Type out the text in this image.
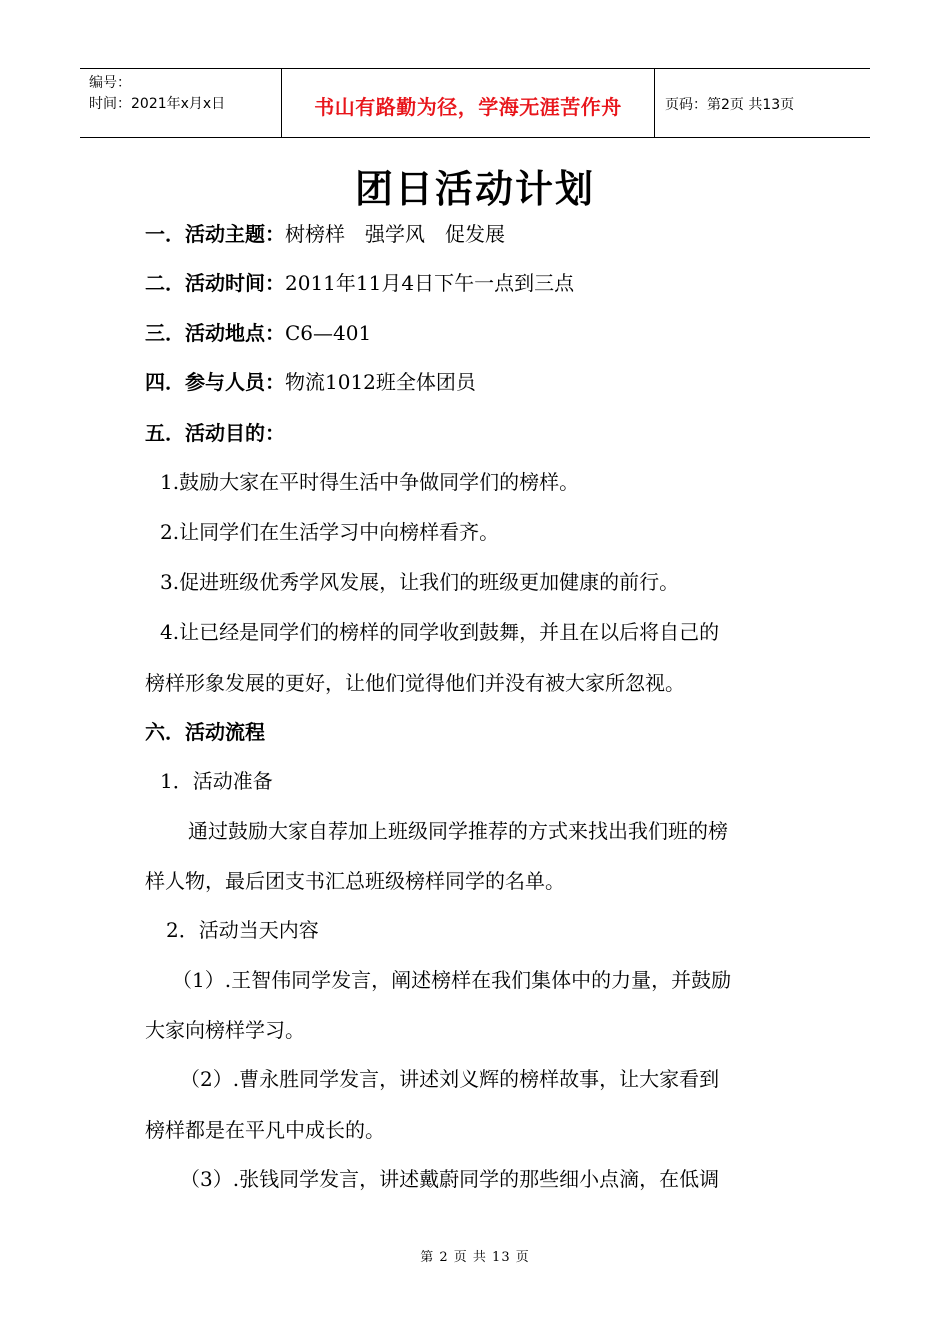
编号：
时间：2021年x月x日	书山有路勤为径，学海无涯苦作舟	页码：第2页 共13页
团日活动计划
一．活动主题：树榜样　强学风　促发展
二．活动时间：2011年11月4日下午一点到三点
三．活动地点：C6—401
四．参与人员：物流1012班全体团员
五．活动目的：
1.鼓励大家在平时得生活中争做同学们的榜样。
2.让同学们在生活学习中向榜样看齐。
3.促进班级优秀学风发展，让我们的班级更加健康的前行。
4.让已经是同学们的榜样的同学收到鼓舞，并且在以后将自己的
榜样形象发展的更好，让他们觉得他们并没有被大家所忽视。
六．活动流程
1．活动准备
通过鼓励大家自荐加上班级同学推荐的方式来找出我们班的榜
样人物，最后团支书汇总班级榜样同学的名单。
2．活动当天内容
（1）.王智伟同学发言，阐述榜样在我们集体中的力量，并鼓励
大家向榜样学习。
（2）.曹永胜同学发言，讲述刘义辉的榜样故事，让大家看到
榜样都是在平凡中成长的。
（3）.张钱同学发言，讲述戴蔚同学的那些细小点滴，在低调
第 2 页 共 13 页
